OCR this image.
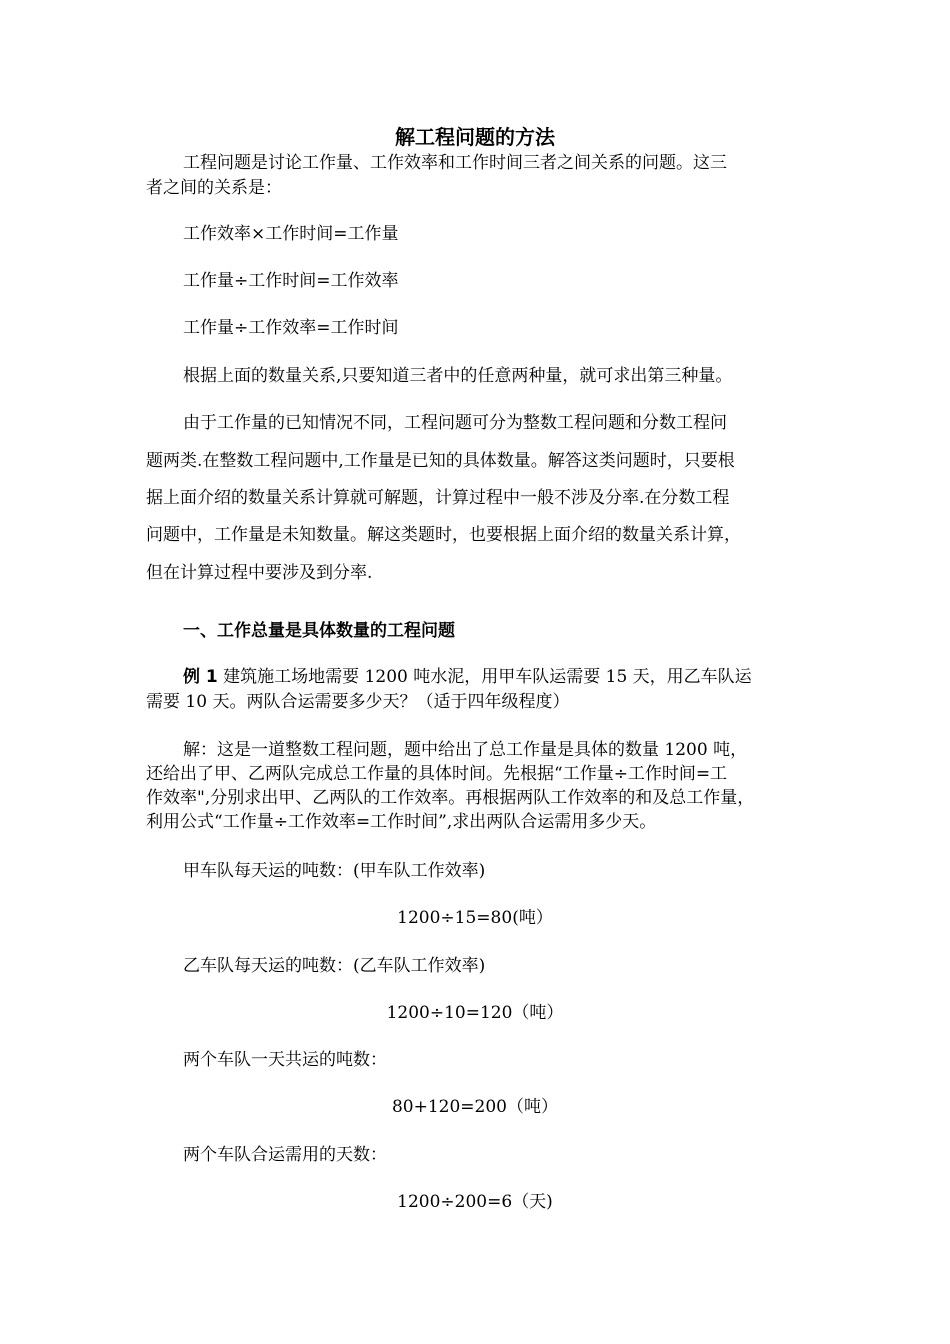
解工程问题的方法

工程问题是讨论工作量、工作效率和工作时间三者之间关系的问题。这三

者之间的关系是：

工作效率×工作时间=工作量

工作量÷工作时间=工作效率

工作量÷工作效率=工作时间

根据上面的数量关系,只要知道三者中的任意两种量，就可求出第三种量。

由于工作量的已知情况不同，工程问题可分为整数工程问题和分数工程问

题两类.在整数工程问题中,工作量是已知的具体数量。解答这类问题时，只要根

据上面介绍的数量关系计算就可解题，计算过程中一般不涉及分率.在分数工程

问题中，工作量是未知数量。解这类题时，也要根据上面介绍的数量关系计算，

但在计算过程中要涉及到分率.

一、工作总量是具体数量的工程问题

例 1 建筑施工场地需要 1200 吨水泥，用甲车队运需要 15 天，用乙车队运

需要 10 天。两队合运需要多少天？（适于四年级程度）

解：这是一道整数工程问题，题中给出了总工作量是具体的数量 1200 吨，

还给出了甲、乙两队完成总工作量的具体时间。先根据“工作量÷工作时间=工

作效率",分别求出甲、乙两队的工作效率。再根据两队工作效率的和及总工作量，

利用公式“工作量÷工作效率=工作时间”,求出两队合运需用多少天。

甲车队每天运的吨数：(甲车队工作效率)

1200÷15=80(吨）

乙车队每天运的吨数：(乙车队工作效率)

1200÷10=120（吨）

两个车队一天共运的吨数：

80+120=200（吨）

两个车队合运需用的天数：

1200÷200=6（天)
